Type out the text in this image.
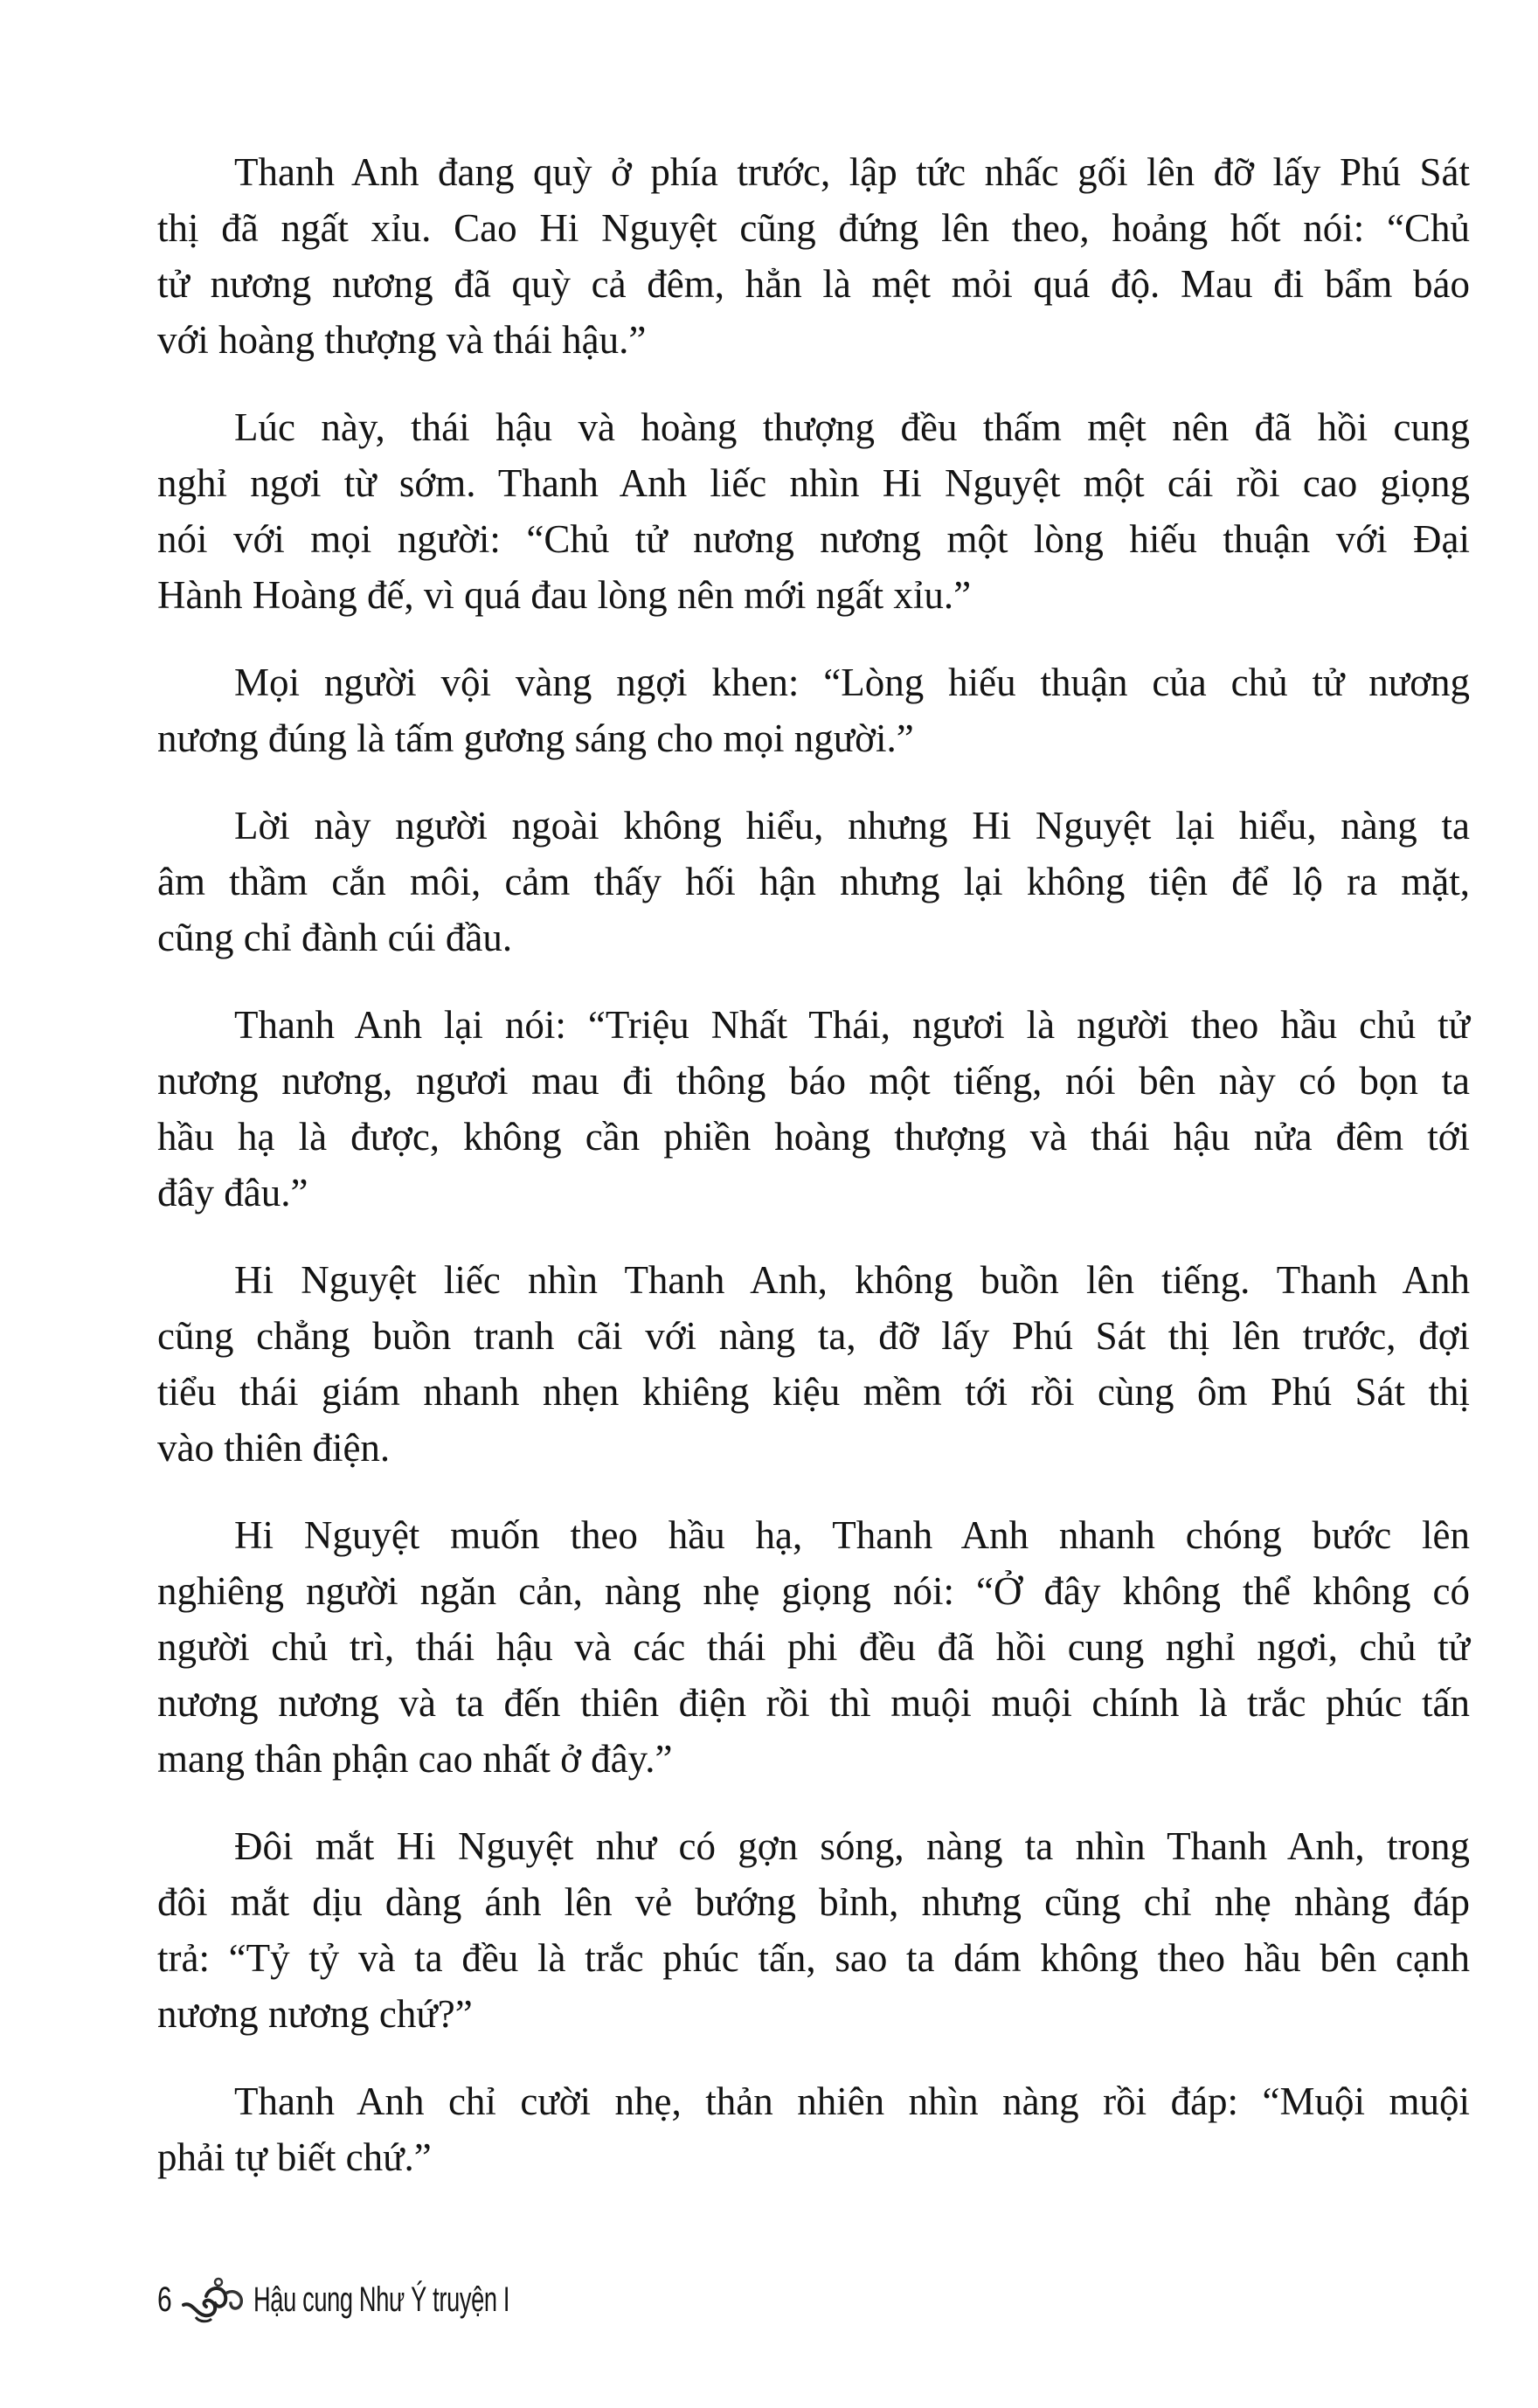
Thanh Anh đang quỳ ở phía trước, lập tức nhấc gối lên đỡ lấy Phú Sát
thị đã ngất xỉu. Cao Hi Nguyệt cũng đứng lên theo, hoảng hốt nói: “Chủ
tử nương nương đã quỳ cả đêm, hẳn là mệt mỏi quá độ. Mau đi bẩm báo
với hoàng thượng và thái hậu.”
Lúc này, thái hậu và hoàng thượng đều thấm mệt nên đã hồi cung
nghỉ ngơi từ sớm. Thanh Anh liếc nhìn Hi Nguyệt một cái rồi cao giọng
nói với mọi người: “Chủ tử nương nương một lòng hiếu thuận với Đại
Hành Hoàng đế, vì quá đau lòng nên mới ngất xỉu.”
Mọi người vội vàng ngợi khen: “Lòng hiếu thuận của chủ tử nương
nương đúng là tấm gương sáng cho mọi người.”
Lời này người ngoài không hiểu, nhưng Hi Nguyệt lại hiểu, nàng ta
âm thầm cắn môi, cảm thấy hối hận nhưng lại không tiện để lộ ra mặt,
cũng chỉ đành cúi đầu.
Thanh Anh lại nói: “Triệu Nhất Thái, ngươi là người theo hầu chủ tử
nương nương, ngươi mau đi thông báo một tiếng, nói bên này có bọn ta
hầu hạ là được, không cần phiền hoàng thượng và thái hậu nửa đêm tới
đây đâu.”
Hi Nguyệt liếc nhìn Thanh Anh, không buồn lên tiếng. Thanh Anh
cũng chẳng buồn tranh cãi với nàng ta, đỡ lấy Phú Sát thị lên trước, đợi
tiểu thái giám nhanh nhẹn khiêng kiệu mềm tới rồi cùng ôm Phú Sát thị
vào thiên điện.
Hi Nguyệt muốn theo hầu hạ, Thanh Anh nhanh chóng bước lên
nghiêng người ngăn cản, nàng nhẹ giọng nói: “Ở đây không thể không có
người chủ trì, thái hậu và các thái phi đều đã hồi cung nghỉ ngơi, chủ tử
nương nương và ta đến thiên điện rồi thì muội muội chính là trắc phúc tấn
mang thân phận cao nhất ở đây.”
Đôi mắt Hi Nguyệt như có gợn sóng, nàng ta nhìn Thanh Anh, trong
đôi mắt dịu dàng ánh lên vẻ bướng bỉnh, nhưng cũng chỉ nhẹ nhàng đáp
trả: “Tỷ tỷ và ta đều là trắc phúc tấn, sao ta dám không theo hầu bên cạnh
nương nương chứ?”
Thanh Anh chỉ cười nhẹ, thản nhiên nhìn nàng rồi đáp: “Muội muội
phải tự biết chứ.”
6 Hậu cung Như Ý truyện I
